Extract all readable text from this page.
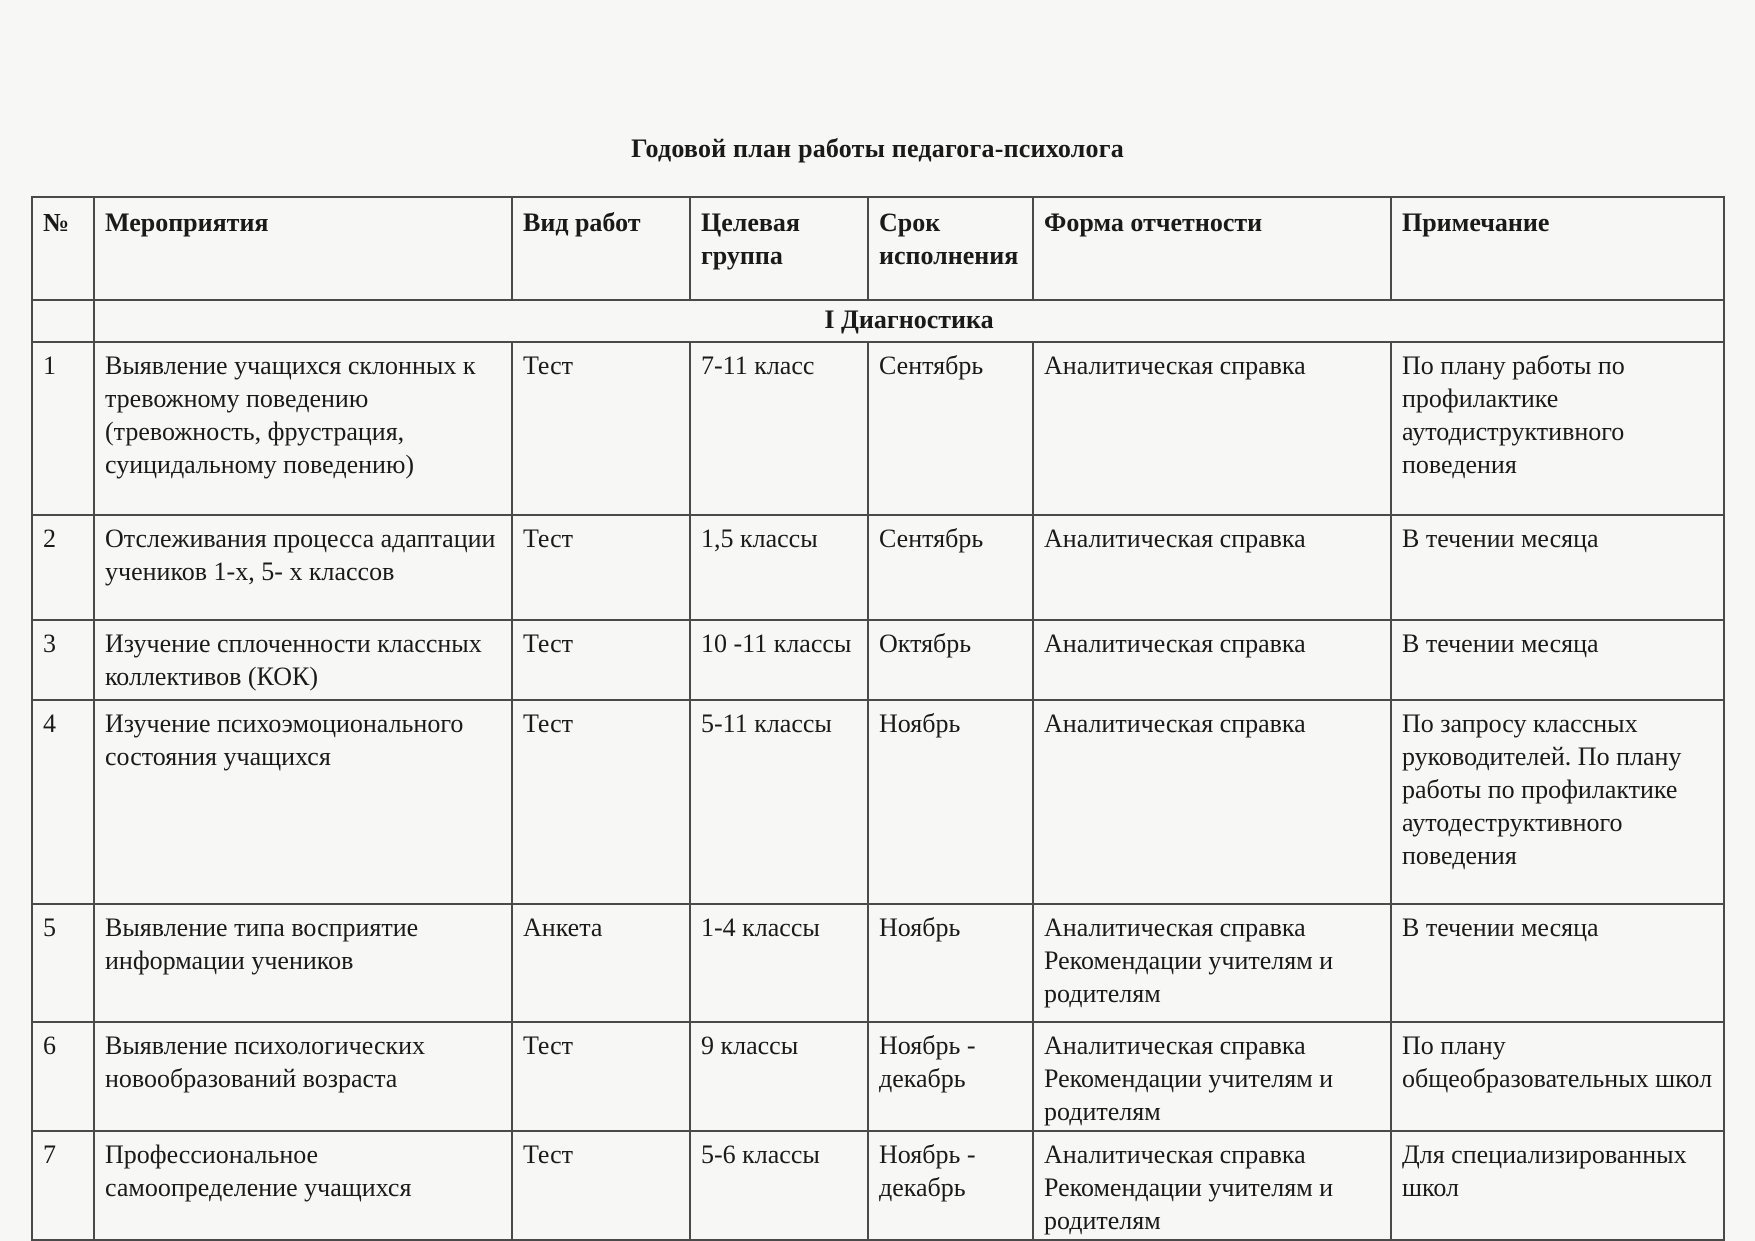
Годовой план работы педагога-психолога
№	Мероприятия	Вид работ	Целевая группа	Срок исполнения	Форма отчетности	Примечание
	I Диагностика					
1	Выявление учащихся склонных к тревожному поведению (тревожность, фрустрация, суицидальному поведению)	Тест	7-11 класс	Сентябрь	Аналитическая справка	По плану работы по профилактике аутодиструктивного поведения
2	Отслеживания процесса адаптации учеников 1-х, 5- х классов	Тест	1,5 классы	Сентябрь	Аналитическая справка	В течении месяца
3	Изучение сплоченности классных коллективов (КОК)	Тест	10 -11 классы	Октябрь	Аналитическая справка	В течении месяца
4	Изучение психоэмоционального состояния учащихся	Тест	5-11 классы	Ноябрь	Аналитическая справка	По запросу классных руководителей. По плану работы по профилактике аутодеструктивного поведения
5	Выявление типа восприятие информации учеников	Анкета	1-4 классы	Ноябрь	Аналитическая справка Рекомендации учителям и родителям	В течении месяца
6	Выявление психологических новообразований возраста	Тест	9 классы	Ноябрь - декабрь	Аналитическая справка Рекомендации учителям и родителям	По плану общеобразовательных школ
7	Профессиональное самоопределение учащихся	Тест	5-6 классы	Ноябрь - декабрь	Аналитическая справка Рекомендации учителям и родителям	Для специализированных школ
